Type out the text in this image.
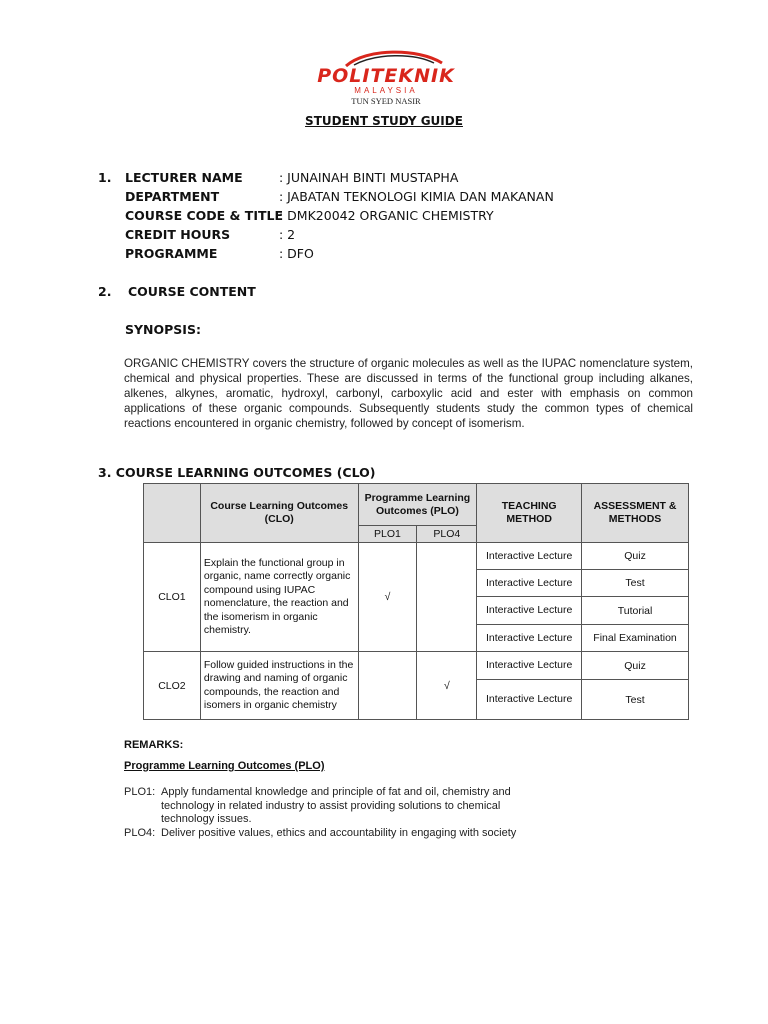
POLITEKNIK
MALAYSIA
TUN SYED NASIR
STUDENT STUDY GUIDE
1. LECTURER NAME	: JUNAINAH BINTI MUSTAPHA
DEPARTMENT	: JABATAN TEKNOLOGI KIMIA DAN MAKANAN
COURSE CODE & TITLE
: DMK20042 ORGANIC CHEMISTRY
CREDIT HOURS	: 2
PROGRAMME	: DFO
2. COURSE CONTENT
SYNOPSIS:
ORGANIC CHEMISTRY covers the structure of organic molecules as well as the IUPAC nomenclature system, chemical and physical properties. These are discussed in terms of the functional group including alkanes, alkenes, alkynes, aromatic, hydroxyl, carbonyl, carboxylic acid and ester with emphasis on common applications of these organic compounds. Subsequently students study the common types of chemical reactions encountered in organic chemistry, followed by concept of isomerism.
3. COURSE LEARNING OUTCOMES (CLO)
	Course Learning Outcomes (CLO)	Programme Learning Outcomes (PLO)		TEACHING METHOD	ASSESSMENT & METHODS
		PLO1	PLO4		
CLO1	Explain the functional group in organic, name correctly organic compound using IUPAC nomenclature, the reaction and the isomerism in organic chemistry.	√		Interactive Lecture	Quiz
				Interactive Lecture	Test
				Interactive Lecture	Tutorial
				Interactive Lecture	Final Examination
CLO2	Follow guided instructions in the drawing and naming of organic compounds, the reaction and isomers in organic chemistry		√	Interactive Lecture	Quiz
				Interactive Lecture	Test
REMARKS:
Programme Learning Outcomes (PLO)
PLO1: Apply fundamental knowledge and principle of fat and oil, chemistry and technology in related industry to assist providing solutions to chemical technology issues.
PLO4: Deliver positive values, ethics and accountability in engaging with society
